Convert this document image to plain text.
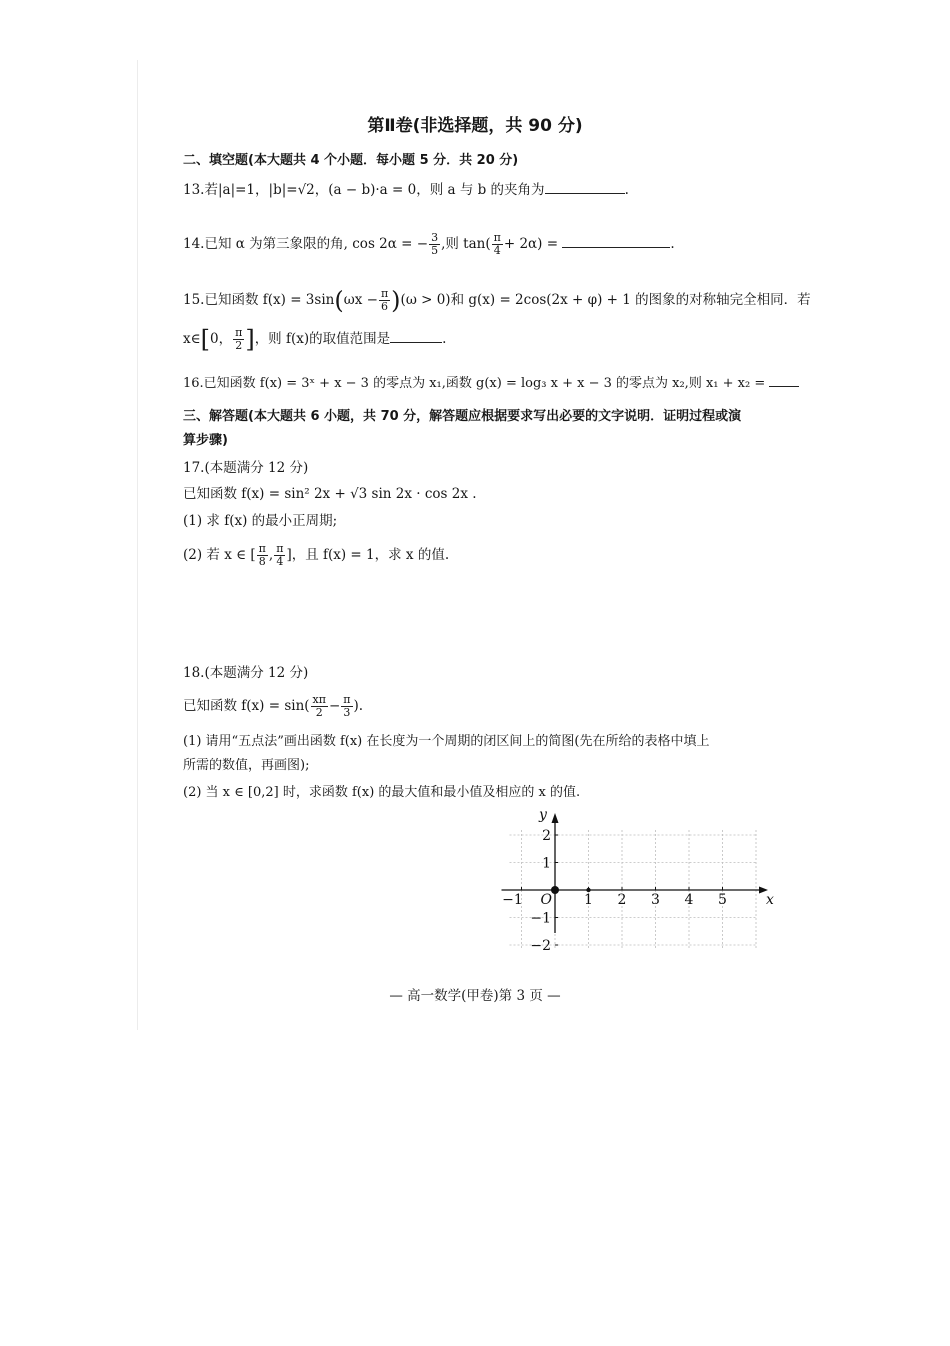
第Ⅱ卷(非选择题，共 90 分)
二、填空题(本大题共 4 个小题．每小题 5 分．共 20 分)
13.若|a|=1，|b|=√2，(a − b)·a = 0，则 a 与 b 的夹角为	.
14.已知 α 为第三象限的角, cos 2α = − $\frac{3}{5}$ ,则 $\tan( \frac{\pi}{4} + 2\alpha)$ =	.
15.已知函数 $f(x) = 3\sin(\omega x - \frac{\pi}{6} )(\omega > 0)$和 g(x) = 2cos(2x + φ) + 1 的图象的对称轴完全相同．若
x∈[0， $\frac{\pi}{2}$ ]，则 f(x)的取值范围是	.
16.已知函数 f(x) = 3ˣ + x − 3 的零点为 x₁,函数 g(x) = log₃ x + x − 3 的零点为 x₂,则 x₁ + x₂ =
三、解答题(本大题共 6 小题，共 70 分，解答题应根据要求写出必要的文字说明．证明过程或演
算步骤)
17.(本题满分 12 分)
已知函数 f(x) = sin² 2x + √3 sin 2x · cos 2x .
(1) 求 f(x) 的最小正周期;
(2) 若 x ∈ [ $\frac{\pi}{8}$ , $\frac{\pi}{4}$ ]，且 f(x) = 1，求 x 的值.
18.(本题满分 12 分)
已知函数 $f(x) = \sin( \frac{x\pi}{2} - \frac{\pi}{3}$ ).
(1) 请用“五点法”画出函数 f(x) 在长度为一个周期的闭区间上的简图(先在所给的表格中填上
所需的数值，再画图);
(2) 当 x ∈ [0,2] 时，求函数 f(x) 的最大值和最小值及相应的 x 的值.
−1	1 2 3 4 5
−2
−1
1
2
O	x
y
— 高一数学(甲卷)第 3 页 —
